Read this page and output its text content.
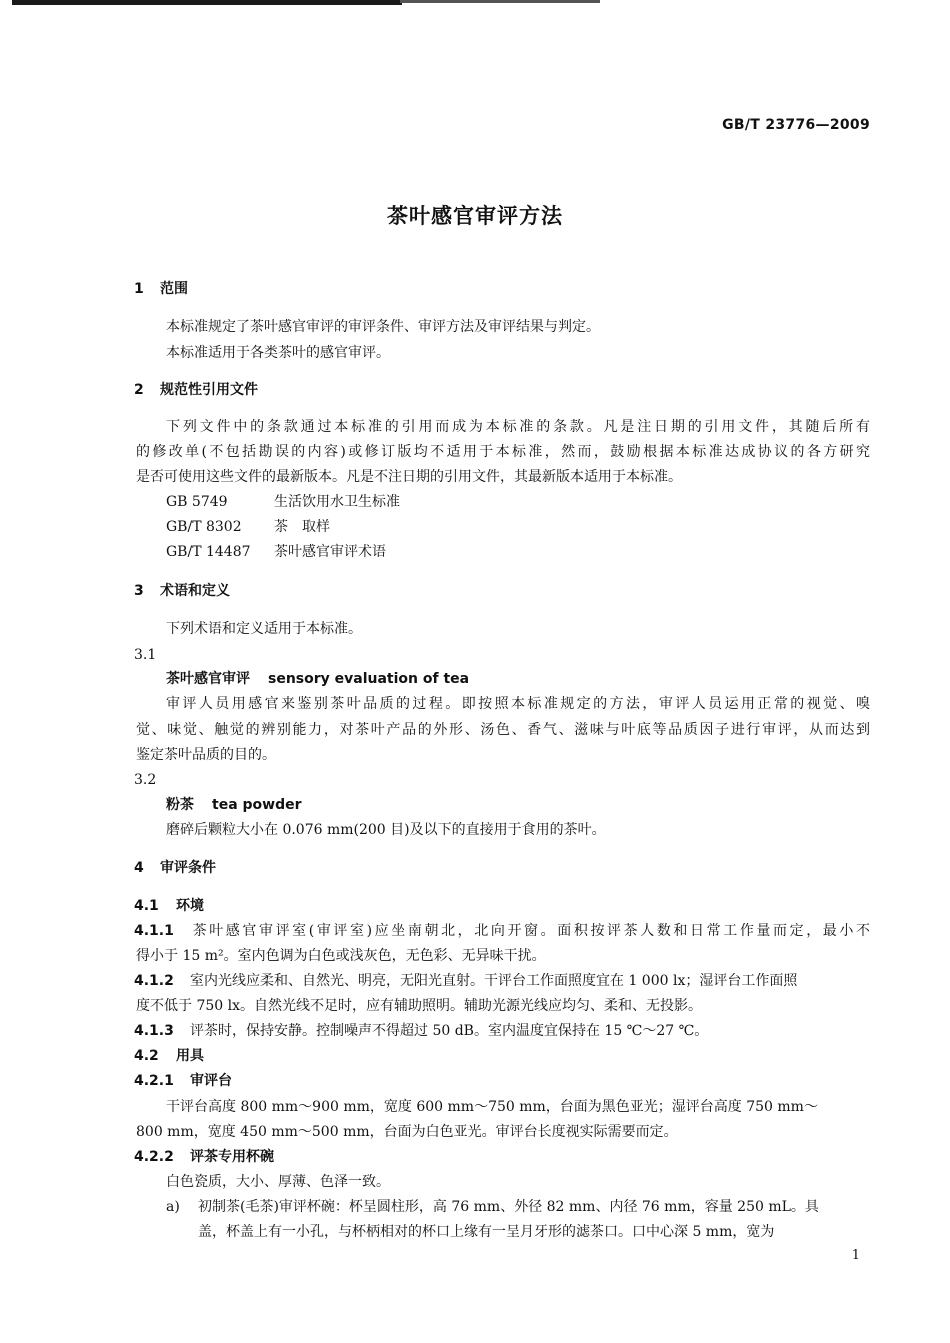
GB/T 23776—2009
茶叶感官审评方法
1 范围
本标准规定了茶叶感官审评的审评条件、审评方法及审评结果与判定。
本标准适用于各类茶叶的感官审评。
2 规范性引用文件
下列文件中的条款通过本标准的引用而成为本标准的条款。凡是注日期的引用文件，其随后所有
的修改单(不包括勘误的内容)或修订版均不适用于本标准，然而，鼓励根据本标准达成协议的各方研究
是否可使用这些文件的最新版本。凡是不注日期的引用文件，其最新版本适用于本标准。
GB 5749	生活饮用水卫生标准
GB/T 8302 茶　取样
GB/T 14487 茶叶感官审评术语
3 术语和定义
下列术语和定义适用于本标准。
3.1
茶叶感官审评 sensory evaluation of tea
审评人员用感官来鉴别茶叶品质的过程。即按照本标准规定的方法，审评人员运用正常的视觉、嗅
觉、味觉、触觉的辨别能力，对茶叶产品的外形、汤色、香气、滋味与叶底等品质因子进行审评，从而达到
鉴定茶叶品质的目的。
3.2
粉茶 tea powder
磨碎后颗粒大小在 0.076 mm(200 目)及以下的直接用于食用的茶叶。
4 审评条件
4.1 环境
4.1.1 茶叶感官审评室(审评室)应坐南朝北，北向开窗。面积按评茶人数和日常工作量而定，最小不
得小于 15 m²。室内色调为白色或浅灰色，无色彩、无异味干扰。
4.1.2 室内光线应柔和、自然光、明亮，无阳光直射。干评台工作面照度宜在 1 000 lx；湿评台工作面照
度不低于 750 lx。自然光线不足时，应有辅助照明。辅助光源光线应均匀、柔和、无投影。
4.1.3 评茶时，保持安静。控制噪声不得超过 50 dB。室内温度宜保持在 15 ℃～27 ℃。
4.2 用具
4.2.1 审评台
干评台高度 800 mm～900 mm，宽度 600 mm～750 mm，台面为黑色亚光；湿评台高度 750 mm～
800 mm，宽度 450 mm～500 mm，台面为白色亚光。审评台长度视实际需要而定。
4.2.2 评茶专用杯碗
白色瓷质，大小、厚薄、色泽一致。
a) 初制茶(毛茶)审评杯碗：杯呈圆柱形，高 76 mm、外径 82 mm、内径 76 mm，容量 250 mL。具
盖，杯盖上有一小孔，与杯柄相对的杯口上缘有一呈月牙形的滤茶口。口中心深 5 mm，宽为
1
